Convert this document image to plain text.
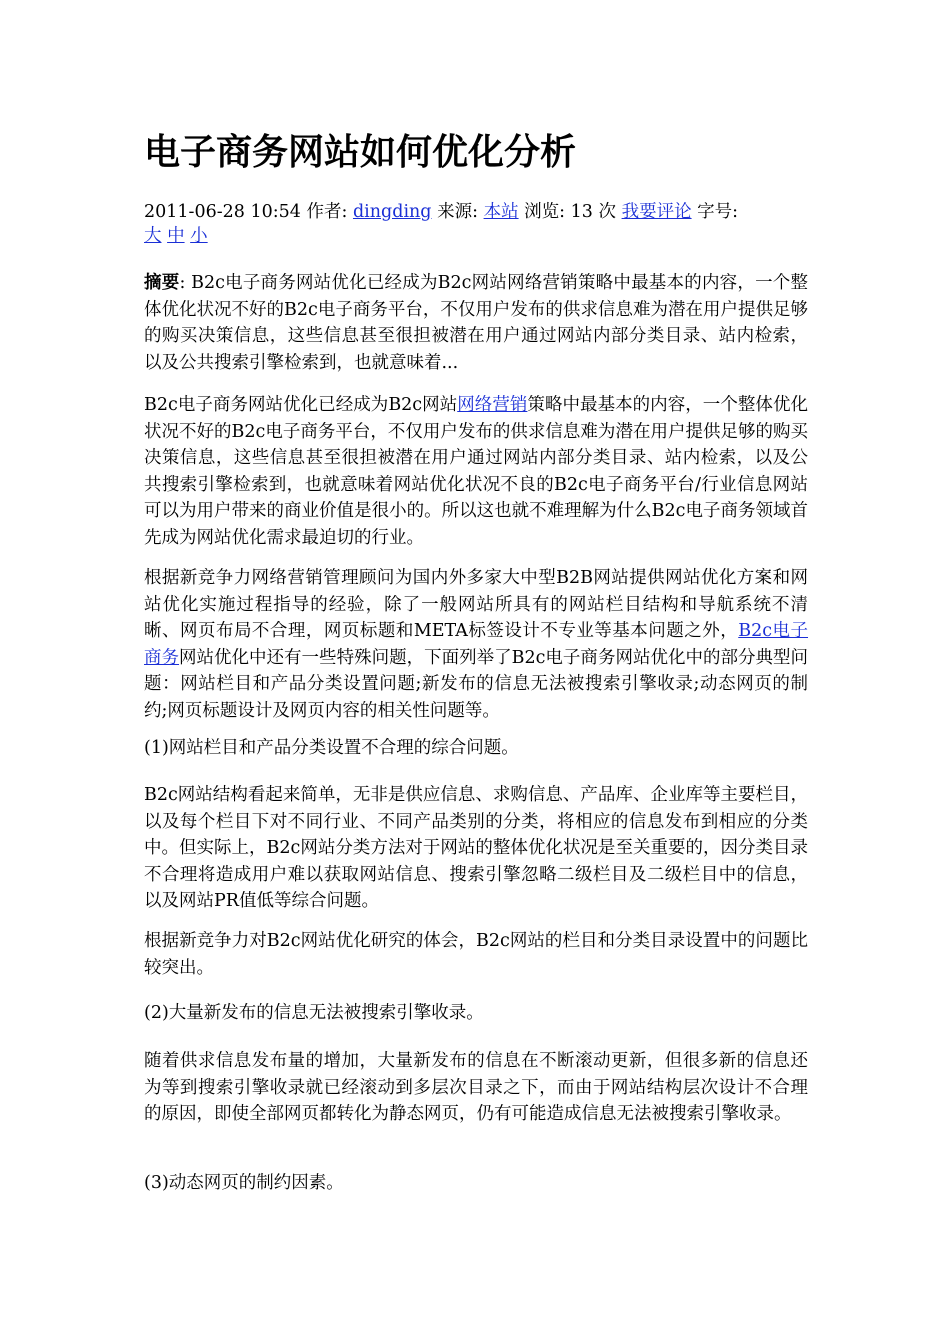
电子商务网站如何优化分析
2011-06-28 10:54 作者: dingding 来源: 本站 浏览: 13 次 我要评论 字号:
大 中 小

摘要: B2c电子商务网站优化已经成为B2c网站网络营销策略中最基本的内容，一个整体优化状况不好的B2c电子商务平台，不仅用户发布的供求信息难为潜在用户提供足够的购买决策信息，这些信息甚至很担被潜在用户通过网站内部分类目录、站内检索，以及公共搜索引擎检索到，也就意味着...

B2c电子商务网站优化已经成为B2c网站网络营销策略中最基本的内容，一个整体优化状况不好的B2c电子商务平台，不仅用户发布的供求信息难为潜在用户提供足够的购买决策信息，这些信息甚至很担被潜在用户通过网站内部分类目录、站内检索，以及公共搜索引擎检索到，也就意味着网站优化状况不良的B2c电子商务平台/行业信息网站可以为用户带来的商业价值是很小的。所以这也就不难理解为什么B2c电子商务领域首先成为网站优化需求最迫切的行业。

根据新竞争力网络营销管理顾问为国内外多家大中型B2B网站提供网站优化方案和网站优化实施过程指导的经验，除了一般网站所具有的网站栏目结构和导航系统不清晰、网页布局不合理，网页标题和META标签设计不专业等基本问题之外，B2c电子商务网站优化中还有一些特殊问题，下面列举了B2c电子商务网站优化中的部分典型问题：网站栏目和产品分类设置问题;新发布的信息无法被搜索引擎收录;动态网页的制约;网页标题设计及网页内容的相关性问题等。

(1)网站栏目和产品分类设置不合理的综合问题。

B2c网站结构看起来简单，无非是供应信息、求购信息、产品库、企业库等主要栏目，以及每个栏目下对不同行业、不同产品类别的分类，将相应的信息发布到相应的分类中。但实际上，B2c网站分类方法对于网站的整体优化状况是至关重要的，因分类目录不合理将造成用户难以获取网站信息、搜索引擎忽略二级栏目及二级栏目中的信息，以及网站PR值低等综合问题。

根据新竞争力对B2c网站优化研究的体会，B2c网站的栏目和分类目录设置中的问题比较突出。

(2)大量新发布的信息无法被搜索引擎收录。

随着供求信息发布量的增加，大量新发布的信息在不断滚动更新，但很多新的信息还为等到搜索引擎收录就已经滚动到多层次目录之下，而由于网站结构层次设计不合理的原因，即使全部网页都转化为静态网页，仍有可能造成信息无法被搜索引擎收录。

(3)动态网页的制约因素。
